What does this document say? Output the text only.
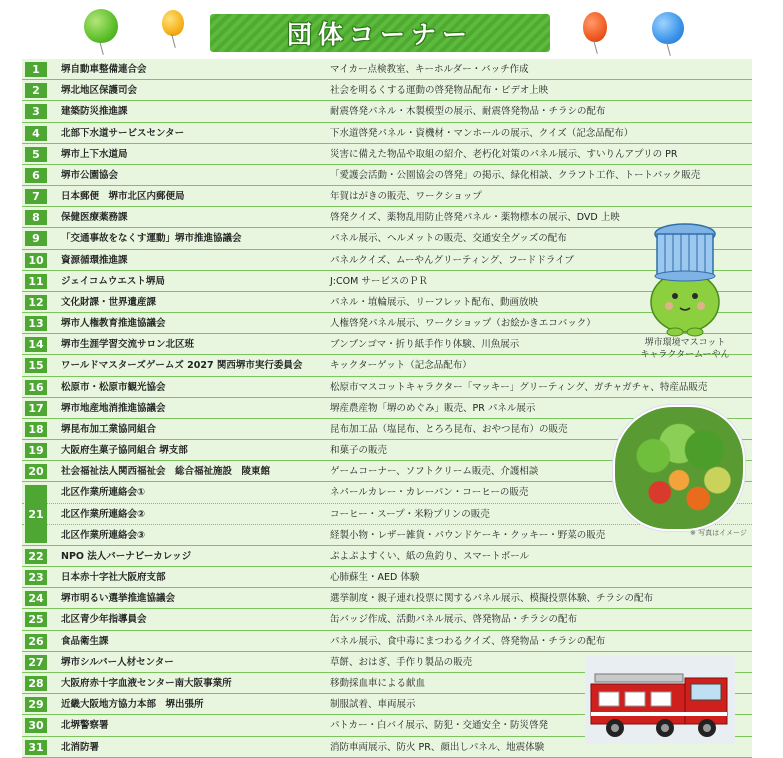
団体コーナー
1	堺自動車整備連合会	マイカー点検教室、キーホルダー・バッチ作成
2	堺北地区保護司会	社会を明るくする運動の啓発物品配布・ビデオ上映
3	建築防災推進課	耐震啓発パネル・木製模型の展示、耐震啓発物品・チラシの配布
4	北部下水道サービスセンター	下水道啓発パネル・資機材・マンホールの展示、クイズ（記念品配布）
5	堺市上下水道局	災害に備えた物品や取組の紹介、老朽化対策のパネル展示、すいりんアプリの PR
6	堺市公園協会	「愛護会活動・公園協会の啓発」の掲示、緑化相談、クラフト工作、トートバック販売
7	日本郵便　堺市北区内郵便局	年賀はがきの販売、ワークショップ
8	保健医療薬務課	啓発クイズ、薬物乱用防止啓発パネル・薬物標本の展示、DVD 上映
9	「交通事故をなくす運動」堺市推進協議会	パネル展示、ヘルメットの販売、交通安全グッズの配布
10	資源循環推進課	パネルクイズ、ムーやんグリーティング、フードドライブ
11	ジェイコムウエスト堺局	J:COM サービスのＰＲ
12	文化財課・世界遺産課	パネル・埴輪展示、リーフレット配布、動画放映
13	堺市人権教育推進協議会	人権啓発パネル展示、ワークショップ（お絵かきエコバック）
14	堺市生涯学習交流サロン北区班	ブンブンゴマ・折り紙手作り体験、川魚展示
15	ワールドマスターズゲームズ 2027 関西堺市実行委員会	キックターゲット（記念品配布）
16	松原市・松原市観光協会	松原市マスコットキャラクター「マッキー」グリーティング、ガチャガチャ、特産品販売
17	堺市地産地消推進協議会	堺産農産物「堺のめぐみ」販売、PR パネル展示
18	堺昆布加工業協同組合	昆布加工品（塩昆布、とろろ昆布、おやつ昆布）の販売
19	大阪府生菓子協同組合 堺支部	和菓子の販売
20	社会福祉法人関西福祉会　総合福祉施設　陵東館	ゲームコーナー、ソフトクリーム販売、介護相談
21
北区作業所連絡会①	ネパールカレー・カレーパン・コーヒーの販売
北区作業所連絡会②	コーヒー・スープ・米粉プリンの販売
北区作業所連絡会③	経製小物・レザー雑貨・パウンドケーキ・クッキー・野菜の販売
22	NPO 法人バーナビーカレッジ	ぷよぷよすくい、紙の魚釣り、スマートボール
23	日本赤十字社大阪府支部	心肺蘇生・AED 体験
24	堺市明るい選挙推進協議会	選挙制度・親子連れ投票に関するパネル展示、模擬投票体験、チラシの配布
25	北区青少年指導員会	缶バッジ作成、活動パネル展示、啓発物品・チラシの配布
26	食品衛生課	パネル展示、食中毒にまつわるクイズ、啓発物品・チラシの配布
27	堺市シルバー人材センター	草餅、おはぎ、手作り製品の販売
28	大阪府赤十字血液センター南大阪事業所	移動採血車による献血
29	近畿大阪地方協力本部　堺出張所	制服試着、車両展示
30	北堺警察署	パトカー・白バイ展示、防犯・交通安全・防災啓発
31	北消防署	消防車両展示、防火 PR、顔出しパネル、地震体験
堺市環境マスコット
キャラクタームーやん
※ 写真はイメージ
